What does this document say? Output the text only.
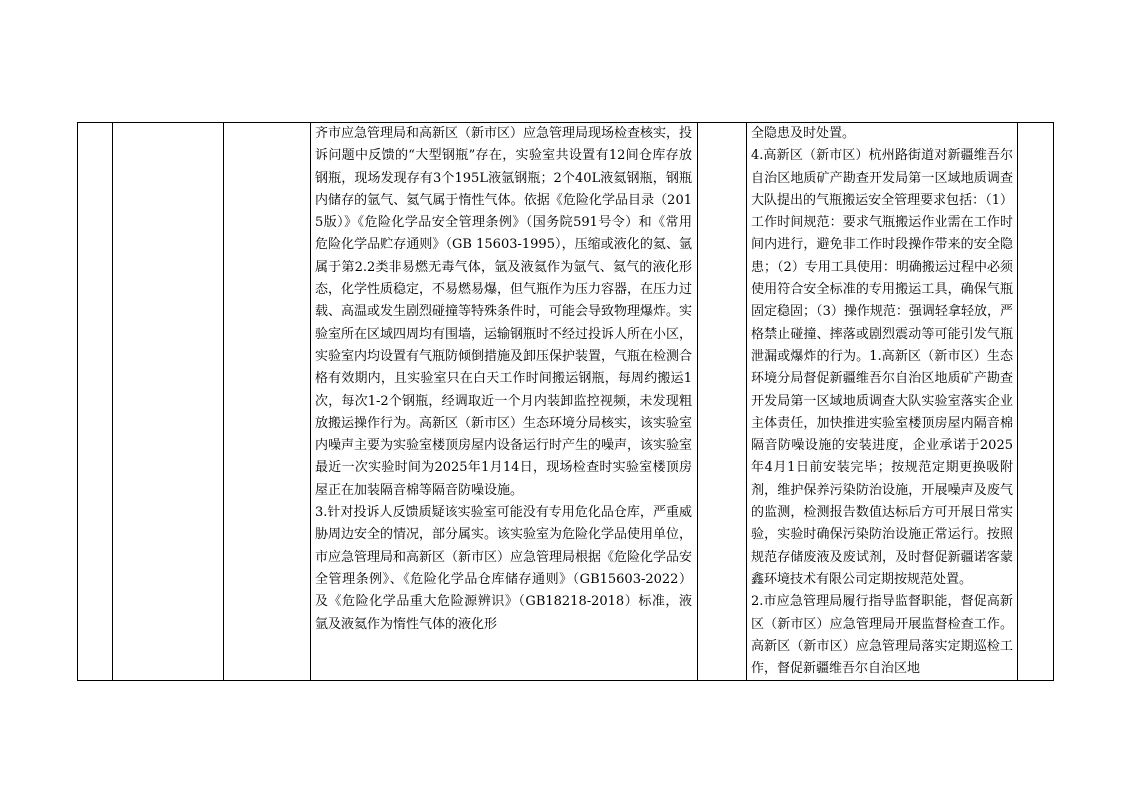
齐市应急管理局和高新区（新市区）应急管理局现场检查核实，投诉问题中反馈的“大型钢瓶”存在，实验室共设置有12间仓库存放钢瓶，现场发现存有3个195L液氩钢瓶；2个40L液氦钢瓶，钢瓶内储存的氩气、氦气属于惰性气体。依据《危险化学品目录（2015版）》《危险化学品安全管理条例》（国务院591号令）和《常用危险化学品贮存通则》（GB 15603-1995），压缩或液化的氦、氩属于第2.2类非易燃无毒气体，氩及液氦作为氩气、氦气的液化形态，化学性质稳定，不易燃易爆，但气瓶作为压力容器，在压力过载、高温或发生剧烈碰撞等特殊条件时，可能会导致物理爆炸。实验室所在区域四周均有围墙，运输钢瓶时不经过投诉人所在小区，实验室内均设置有气瓶防倾倒措施及卸压保护装置，气瓶在检测合格有效期内，且实验室只在白天工作时间搬运钢瓶，每周约搬运1次，每次1-2个钢瓶，经调取近一个月内装卸监控视频，未发现粗放搬运操作行为。高新区（新市区）生态环境分局核实，该实验室内噪声主要为实验室楼顶房屋内设备运行时产生的噪声，该实验室最近一次实验时间为2025年1月14日，现场检查时实验室楼顶房屋正在加装隔音棉等隔音防噪设施。

3.针对投诉人反馈质疑该实验室可能没有专用危化品仓库，严重威胁周边安全的情况，部分属实。该实验室为危险化学品使用单位，市应急管理局和高新区（新市区）应急管理局根据《危险化学品安全管理条例》、《危险化学品仓库储存通则》（GB15603-2022）及《危险化学品重大危险源辨识》（GB18218-2018）标准，液氩及液氦作为惰性气体的液化形

全隐患及时处置。

4.高新区（新市区）杭州路街道对新疆维吾尔自治区地质矿产勘查开发局第一区域地质调查大队提出的气瓶搬运安全管理要求包括：（1）工作时间规范：要求气瓶搬运作业需在工作时间内进行，避免非工作时段操作带来的安全隐患；（2）专用工具使用：明确搬运过程中必须使用符合安全标准的专用搬运工具，确保气瓶固定稳固；（3）操作规范：强调轻拿轻放，严格禁止碰撞、摔落或剧烈震动等可能引发气瓶泄漏或爆炸的行为。1.高新区（新市区）生态环境分局督促新疆维吾尔自治区地质矿产勘查开发局第一区域地质调查大队实验室落实企业主体责任，加快推进实验室楼顶房屋内隔音棉隔音防噪设施的安装进度，企业承诺于2025年4月1日前安装完毕；按规范定期更换吸附剂，维护保养污染防治设施，开展噪声及废气的监测，检测报告数值达标后方可开展日常实验，实验时确保污染防治设施正常运行。按照规范存储废液及废试剂，及时督促新疆诺客蒙鑫环境技术有限公司定期按规范处置。

2.市应急管理局履行指导监督职能，督促高新区（新市区）应急管理局开展监督检查工作。高新区（新市区）应急管理局落实定期巡检工作，督促新疆维吾尔自治区地
